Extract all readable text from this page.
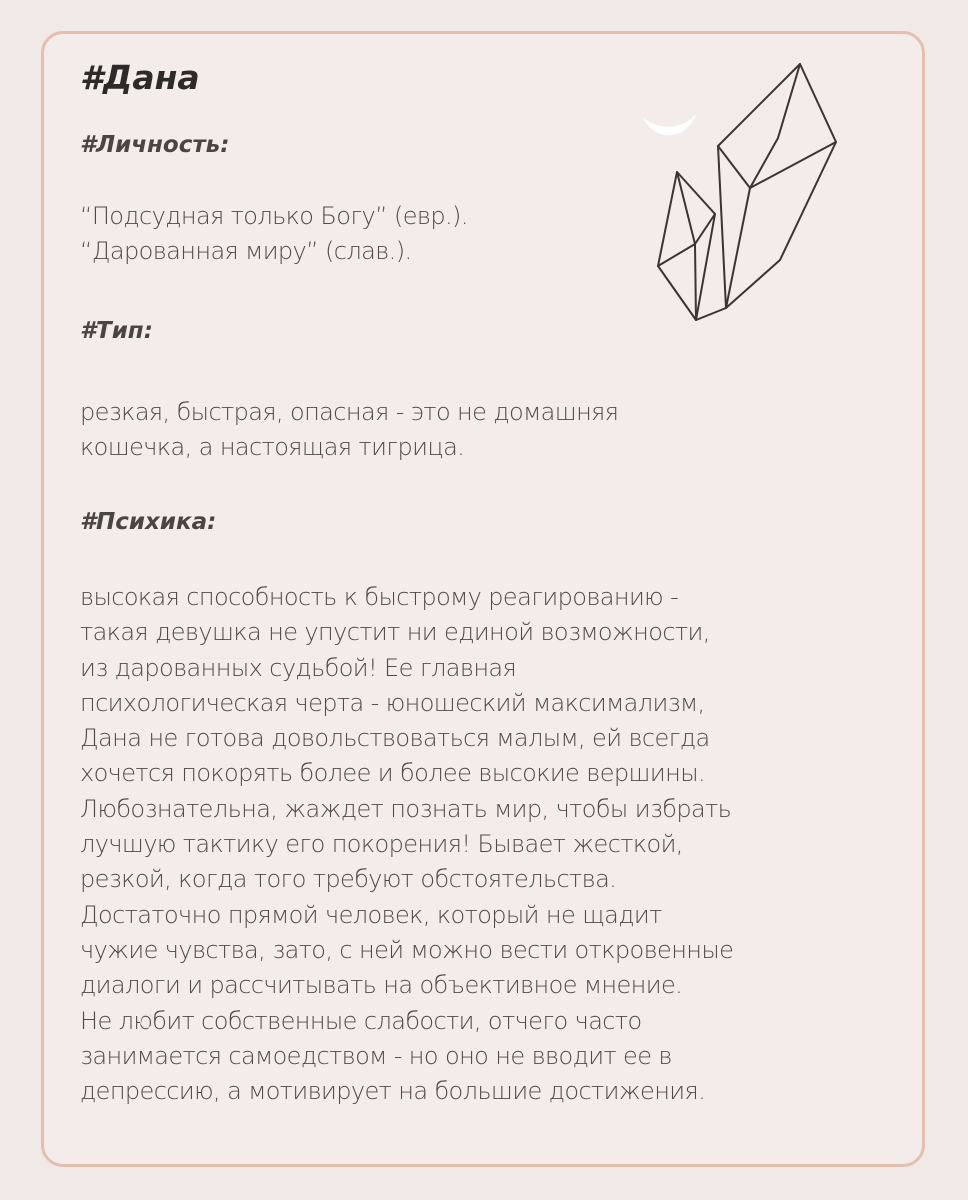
#Дана
#Личность:
“Подсудная только Богу” (евр.).
“Дарованная миру” (слав.).
#Тип:
резкая, быстрая, опасная - это не домашняя
кошечка, а настоящая тигрица.
#Психика:
высокая способность к быстрому реагированию -
такая девушка не упустит ни единой возможности,
из дарованных судьбой! Ее главная
психологическая черта - юношеский максимализм,
Дана не готова довольствоваться малым, ей всегда
хочется покорять более и более высокие вершины.
Любознательна, жаждет познать мир, чтобы избрать
лучшую тактику его покорения! Бывает жесткой,
резкой, когда того требуют обстоятельства.
Достаточно прямой человек, который не щадит
чужие чувства, зато, с ней можно вести откровенные
диалоги и рассчитывать на объективное мнение.
Не любит собственные слабости, отчего часто
занимается самоедством - но оно не вводит ее в
депрессию, а мотивирует на большие достижения.
